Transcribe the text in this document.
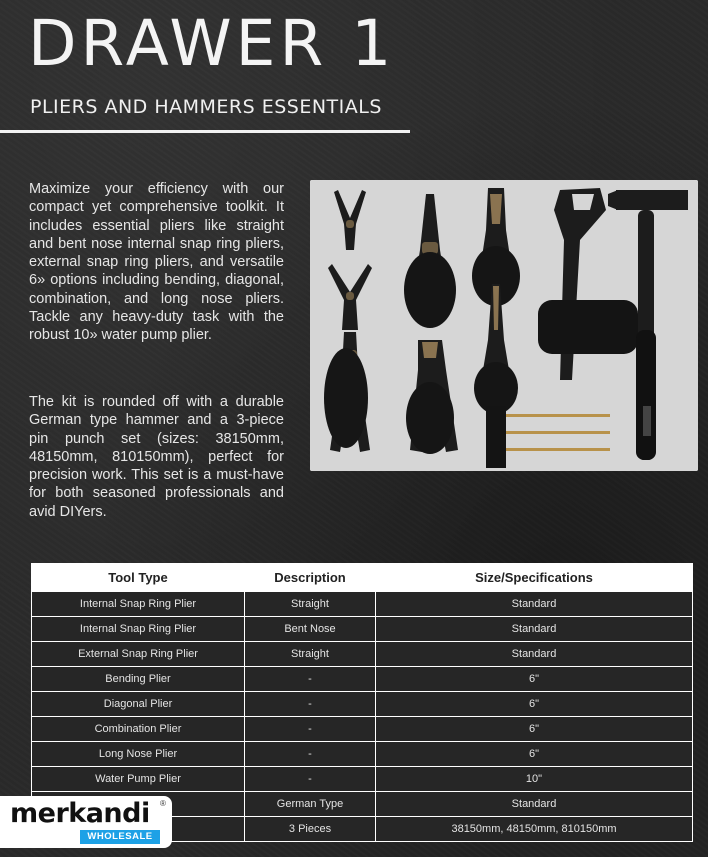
DRAWER 1
PLIERS AND HAMMERS ESSENTIALS

Maximize your efficiency with our compact yet comprehensive toolkit. It includes essential pliers like straight and bent nose internal snap ring pliers, external snap ring pliers, and versatile 6» options including bending, diagonal, combination, and long nose pliers. Tackle any heavy-duty task with the robust 10» water pump plier.

The kit is rounded off with a durable German type hammer and a 3-piece pin punch set (sizes: 38150mm, 48150mm, 810150mm), perfect for precision work. This set is a must-have for both seasoned professionals and avid DIYers.

Tool Type	Description	Size/Specifications
Internal Snap Ring Plier	Straight	Standard
Internal Snap Ring Plier	Bent Nose	Standard
External Snap Ring Plier	Straight	Standard
Bending Plier	-	6"
Diagonal Plier	-	6"
Combination Plier	-	6"
Long Nose Plier	-	6"
Water Pump Plier	-	10"
	German Type	Standard
	3 Pieces	38150mm, 48150mm, 810150mm
merkandi ®
WHOLESALE
